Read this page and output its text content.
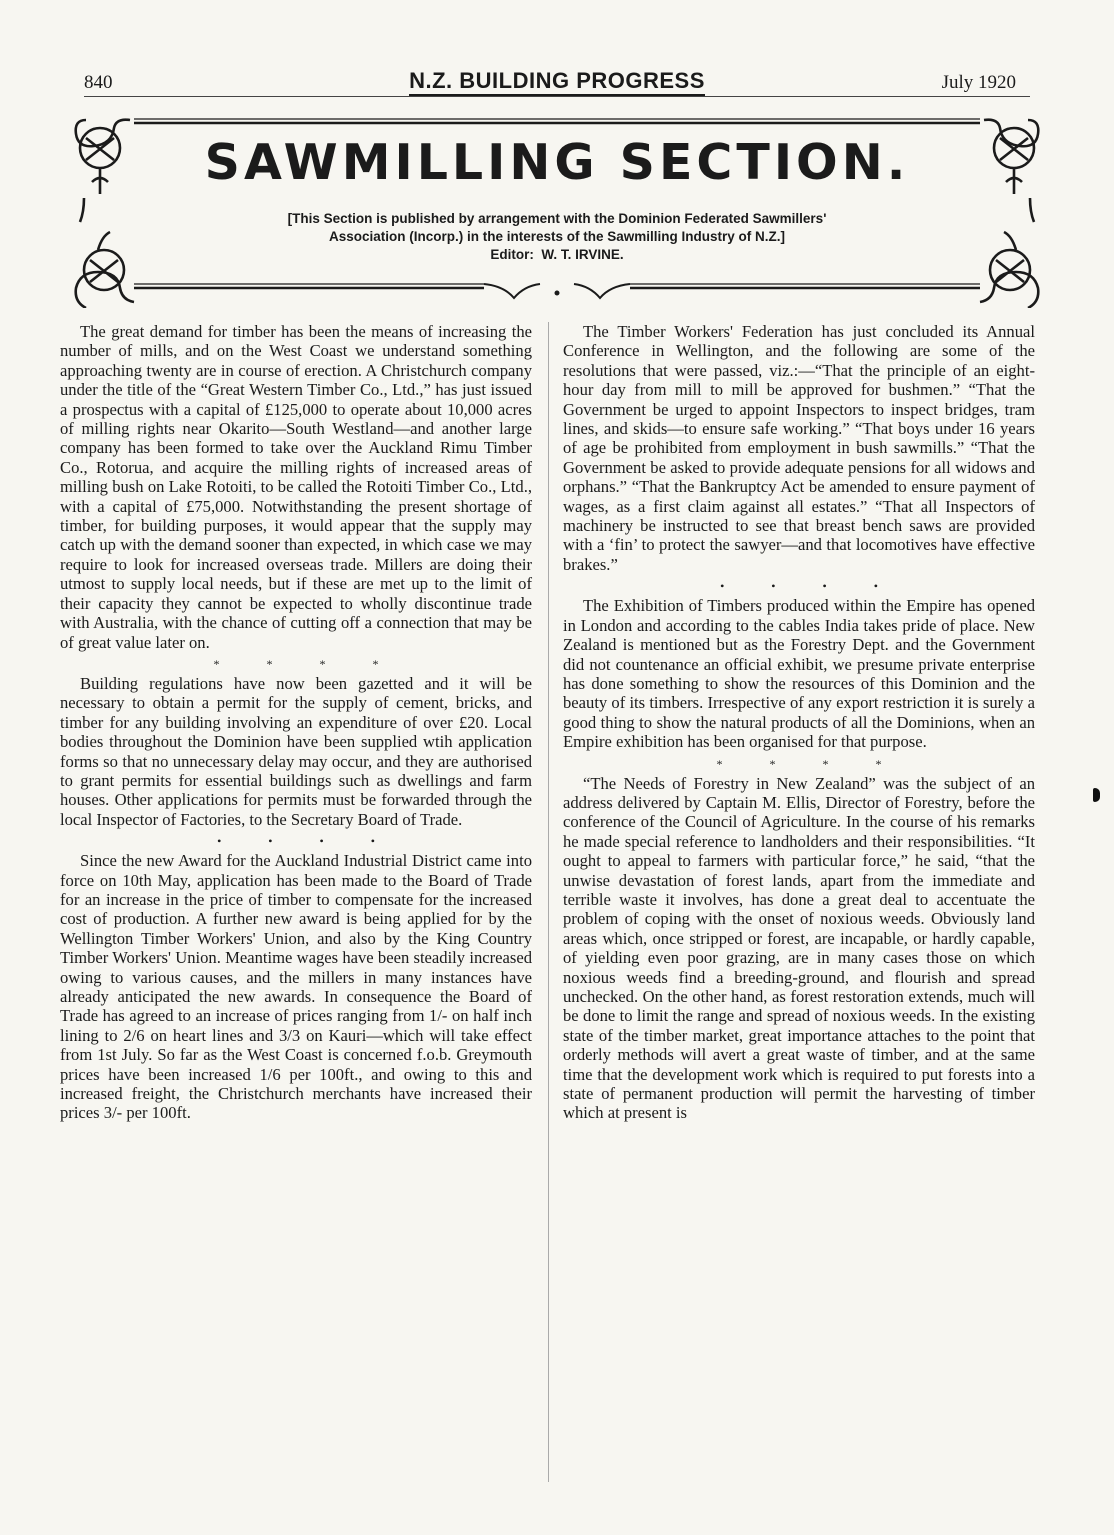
840	N.Z. BUILDING PROGRESS	July 1920
SAWMILLING SECTION.
[This Section is published by arrangement with the Dominion Federated Sawmillers'
Association (Incorp.) in the interests of the Sawmilling Industry of N.Z.]
Editor: W. T. IRVINE.

The great demand for timber has been the means of increasing the number of mills, and on the West Coast we understand something approaching twenty are in course of erection. A Christchurch company under the title of the “Great Western Timber Co., Ltd.,” has just issued a prospectus with a capital of £125,000 to operate about 10,000 acres of milling rights near Okarito—South Westland—and another large company has been formed to take over the Auckland Rimu Timber Co., Rotorua, and acquire the milling rights of increased areas of milling bush on Lake Rotoiti, to be called the Rotoiti Timber Co., Ltd., with a capital of £75,000. Notwithstanding the present shortage of timber, for building purposes, it would appear that the supply may catch up with the demand sooner than expected, in which case we may require to look for increased overseas trade. Millers are doing their utmost to supply local needs, but if these are met up to the limit of their capacity they cannot be expected to wholly discontinue trade with Australia, with the chance of cutting off a connection that may be of great value later on.

* * * *

Building regulations have now been gazetted and it will be necessary to obtain a permit for the supply of cement, bricks, and timber for any building involving an expenditure of over £20. Local bodies throughout the Dominion have been supplied wtih application forms so that no unnecessary delay may occur, and they are authorised to grant permits for essential buildings such as dwellings and farm houses. Other applications for permits must be forwarded through the local Inspector of Factories, to the Secretary Board of Trade.

• • • •

Since the new Award for the Auckland Industrial District came into force on 10th May, application has been made to the Board of Trade for an increase in the price of timber to compensate for the increased cost of production. A further new award is being applied for by the Wellington Timber Workers' Union, and also by the King Country Timber Workers' Union. Meantime wages have been steadily increased owing to various causes, and the millers in many instances have already anticipated the new awards. In consequence the Board of Trade has agreed to an increase of prices ranging from 1/- on half inch lining to 2/6 on heart lines and 3/3 on Kauri—which will take effect from 1st July. So far as the West Coast is concerned f.o.b. Greymouth prices have been increased 1/6 per 100ft., and owing to this and increased freight, the Christchurch merchants have increased their prices 3/- per 100ft.

The Timber Workers' Federation has just concluded its Annual Conference in Wellington, and the following are some of the resolutions that were passed, viz.:—“That the principle of an eight-hour day from mill to mill be approved for bushmen.” “That the Government be urged to appoint Inspectors to inspect bridges, tram lines, and skids—to ensure safe working.” “That boys under 16 years of age be prohibited from employment in bush sawmills.” “That the Government be asked to provide adequate pensions for all widows and orphans.” “That the Bankruptcy Act be amended to ensure payment of wages, as a first claim against all estates.” “That all Inspectors of machinery be instructed to see that breast bench saws are provided with a ‘fin’ to protect the sawyer—and that locomotives have effective brakes.”

• • • •

The Exhibition of Timbers produced within the Empire has opened in London and according to the cables India takes pride of place. New Zealand is mentioned but as the Forestry Dept. and the Government did not countenance an official exhibit, we presume private enterprise has done something to show the resources of this Dominion and the beauty of its timbers. Irrespective of any export restriction it is surely a good thing to show the natural products of all the Dominions, when an Empire exhibition has been organised for that purpose.

* * * *

“The Needs of Forestry in New Zealand” was the subject of an address delivered by Captain M. Ellis, Director of Forestry, before the conference of the Council of Agriculture. In the course of his remarks he made special reference to landholders and their responsibilities. “It ought to appeal to farmers with particular force,” he said, “that the unwise devastation of forest lands, apart from the immediate and terrible waste it involves, has done a great deal to accentuate the problem of coping with the onset of noxious weeds. Obviously land areas which, once stripped or forest, are incapable, or hardly capable, of yielding even poor grazing, are in many cases those on which noxious weeds find a breeding-ground, and flourish and spread unchecked. On the other hand, as forest restoration extends, much will be done to limit the range and spread of noxious weeds. In the existing state of the timber market, great importance attaches to the point that orderly methods will avert a great waste of timber, and at the same time that the development work which is required to put forests into a state of permanent production will permit the harvesting of timber which at present is
